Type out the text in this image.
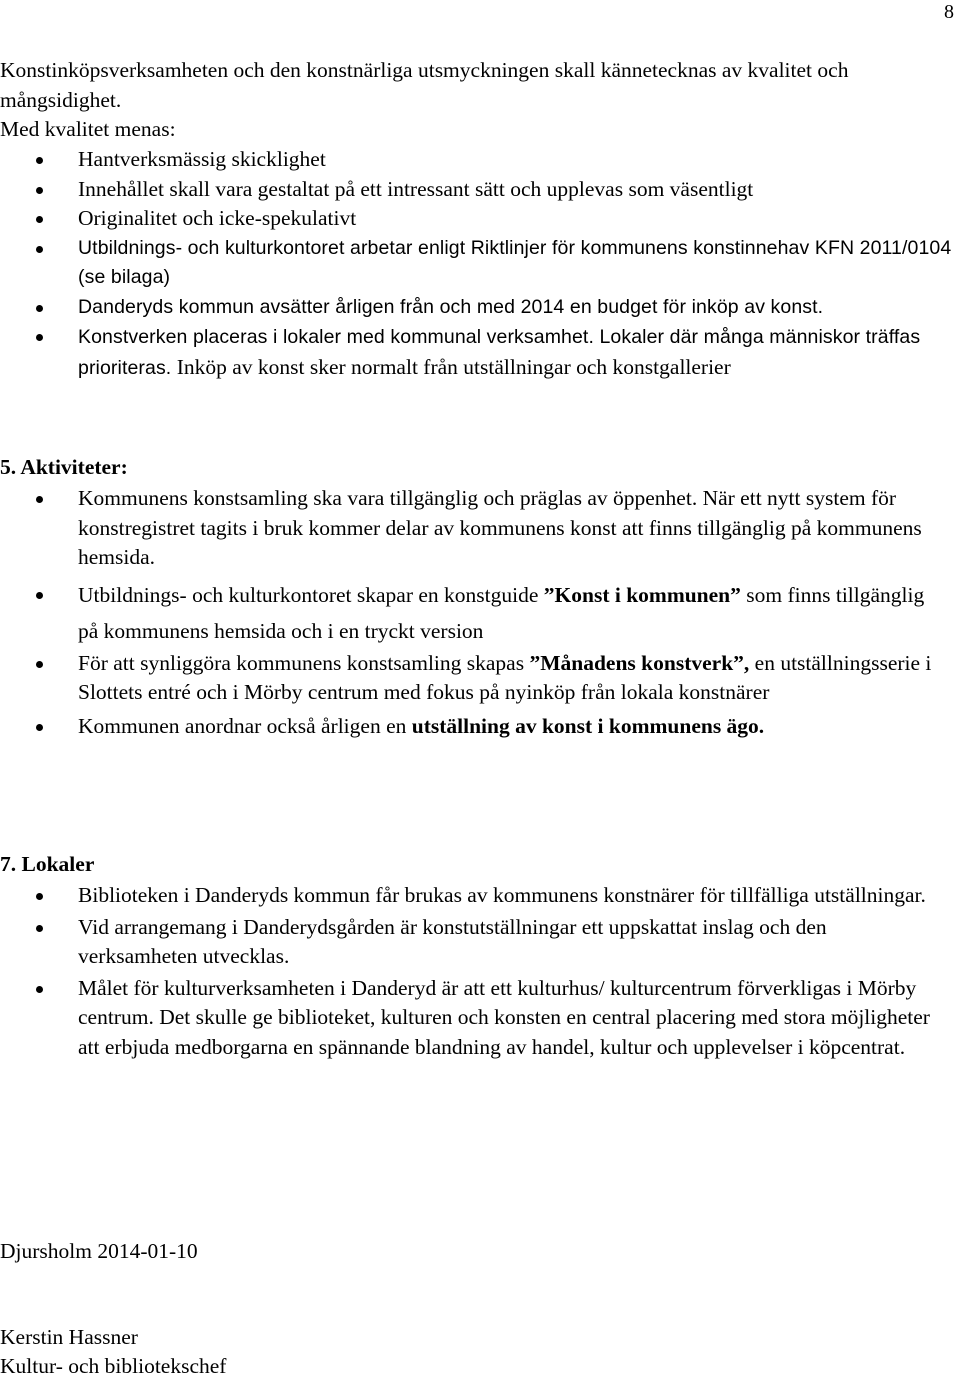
8

Konstinköpsverksamheten och den konstnärliga utsmyckningen skall kännetecknas av kvalitet och mångsidighet.

Med kvalitet menas:

Hantverksmässig skicklighet
Innehållet skall vara gestaltat på ett intressant sätt och upplevas som väsentligt
Originalitet och icke-spekulativt
Utbildnings- och kulturkontoret arbetar enligt Riktlinjer för kommunens konstinnehav KFN 2011/0104 (se bilaga)
Danderyds kommun avsätter årligen från och med 2014 en budget för inköp av konst.
Konstverken placeras i lokaler med kommunal verksamhet. Lokaler där många människor träffas prioriteras. Inköp av konst sker normalt från utställningar och konstgallerier
5. Aktiviteter:
Kommunens konstsamling ska vara tillgänglig och präglas av öppenhet. När ett nytt system för konstregistret tagits i bruk kommer delar av kommunens konst att finns tillgänglig på kommunens hemsida.
Utbildnings- och kulturkontoret skapar en konstguide ”Konst i kommunen” som finns tillgänglig på kommunens hemsida och i en tryckt version
För att synliggöra kommunens konstsamling skapas ”Månadens konstverk”, en utställningsserie i Slottets entré och i Mörby centrum med fokus på nyinköp från lokala konstnärer
Kommunen anordnar också årligen en utställning av konst i kommunens ägo.
7. Lokaler
Biblioteken i Danderyds kommun får brukas av kommunens konstnärer för tillfälliga utställningar.
Vid arrangemang i Danderydsgården är konstutställningar ett uppskattat inslag och den verksamheten utvecklas.
Målet för kulturverksamheten i Danderyd är att ett kulturhus/ kulturcentrum förverkligas i Mörby centrum. Det skulle ge biblioteket, kulturen och konsten en central placering med stora möjligheter att erbjuda medborgarna en spännande blandning av handel, kultur och upplevelser i köpcentrat.
Djursholm 2014-01-10
Kerstin Hassner
Kultur- och bibliotekschef
